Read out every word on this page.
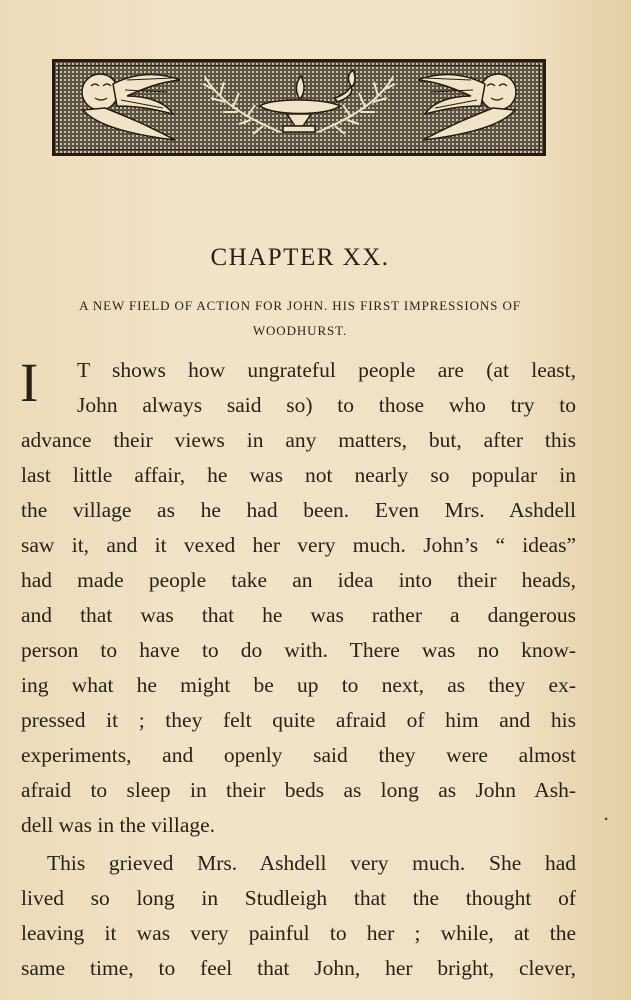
CHAPTER XX.
A NEW FIELD OF ACTION FOR JOHN. HIS FIRST IMPRESSIONS OF
WOODHURST.
I	T shows how ungrateful people are (at least,
John always said so) to those who try to
advance their views in any matters, but, after this
last little affair, he was not nearly so popular in
the village as he had been. Even Mrs. Ashdell
saw it, and it vexed her very much. John’s “ ideas”
had made people take an idea into their heads,
and that was that he was rather a dangerous
person to have to do with. There was no know-
ing what he might be up to next, as they ex-
pressed it ; they felt quite afraid of him and his
experiments, and openly said they were almost
afraid to sleep in their beds as long as John Ash-
dell was in the village.
This grieved Mrs. Ashdell very much. She had
lived so long in Studleigh that the thought of
leaving it was very painful to her ; while, at the
same time, to feel that John, her bright, clever,
•
